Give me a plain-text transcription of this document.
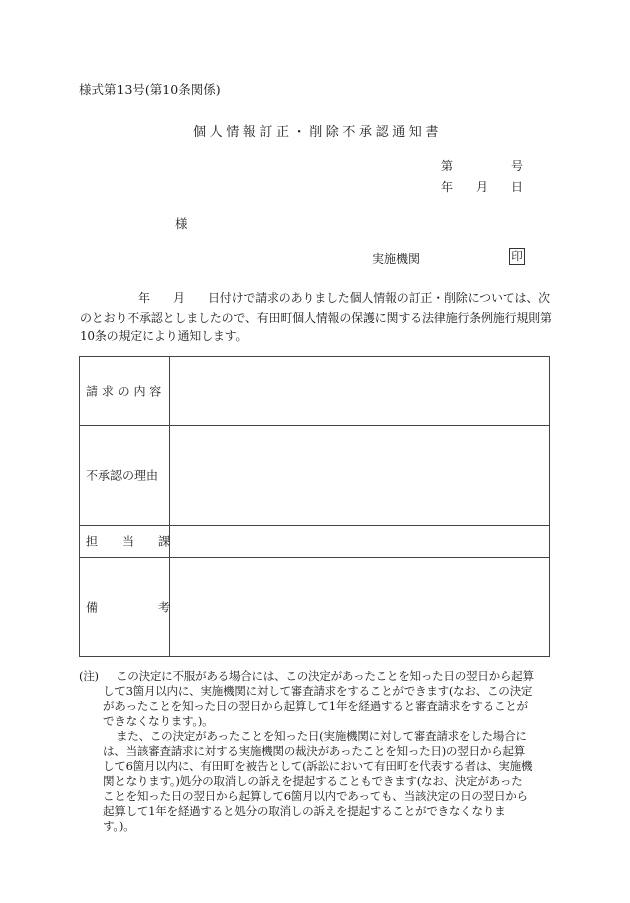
様式第13号(第10条関係)
個人情報訂正・削除不承認通知書
第	号
年 月 日
様
実施機関	印
年 月 日付けで請求のありました個人情報の訂正・削除については、次
のとおり不承認としましたので、有田町個人情報の保護に関する法律施行条例施行規則第
10条の規定により通知します。
請 求 の 内 容
不承認の理由
担　　当　　課
備　　　　　考
(注) この決定に不服がある場合には、この決定があったことを知った日の翌日から起算
して3箇月以内に、実施機関に対して審査請求をすることができます(なお、この決定
があったことを知った日の翌日から起算して1年を経過すると審査請求をすることが
できなくなります。)。
また、この決定があったことを知った日(実施機関に対して審査請求をした場合に
は、当該審査請求に対する実施機関の裁決があったことを知った日)の翌日から起算
して6箇月以内に、有田町を被告として(訴訟において有田町を代表する者は、実施機
関となります。)処分の取消しの訴えを提起することもできます(なお、決定があった
ことを知った日の翌日から起算して6箇月以内であっても、当該決定の日の翌日から
起算して1年を経過すると処分の取消しの訴えを提起することができなくなりま
す。)。
